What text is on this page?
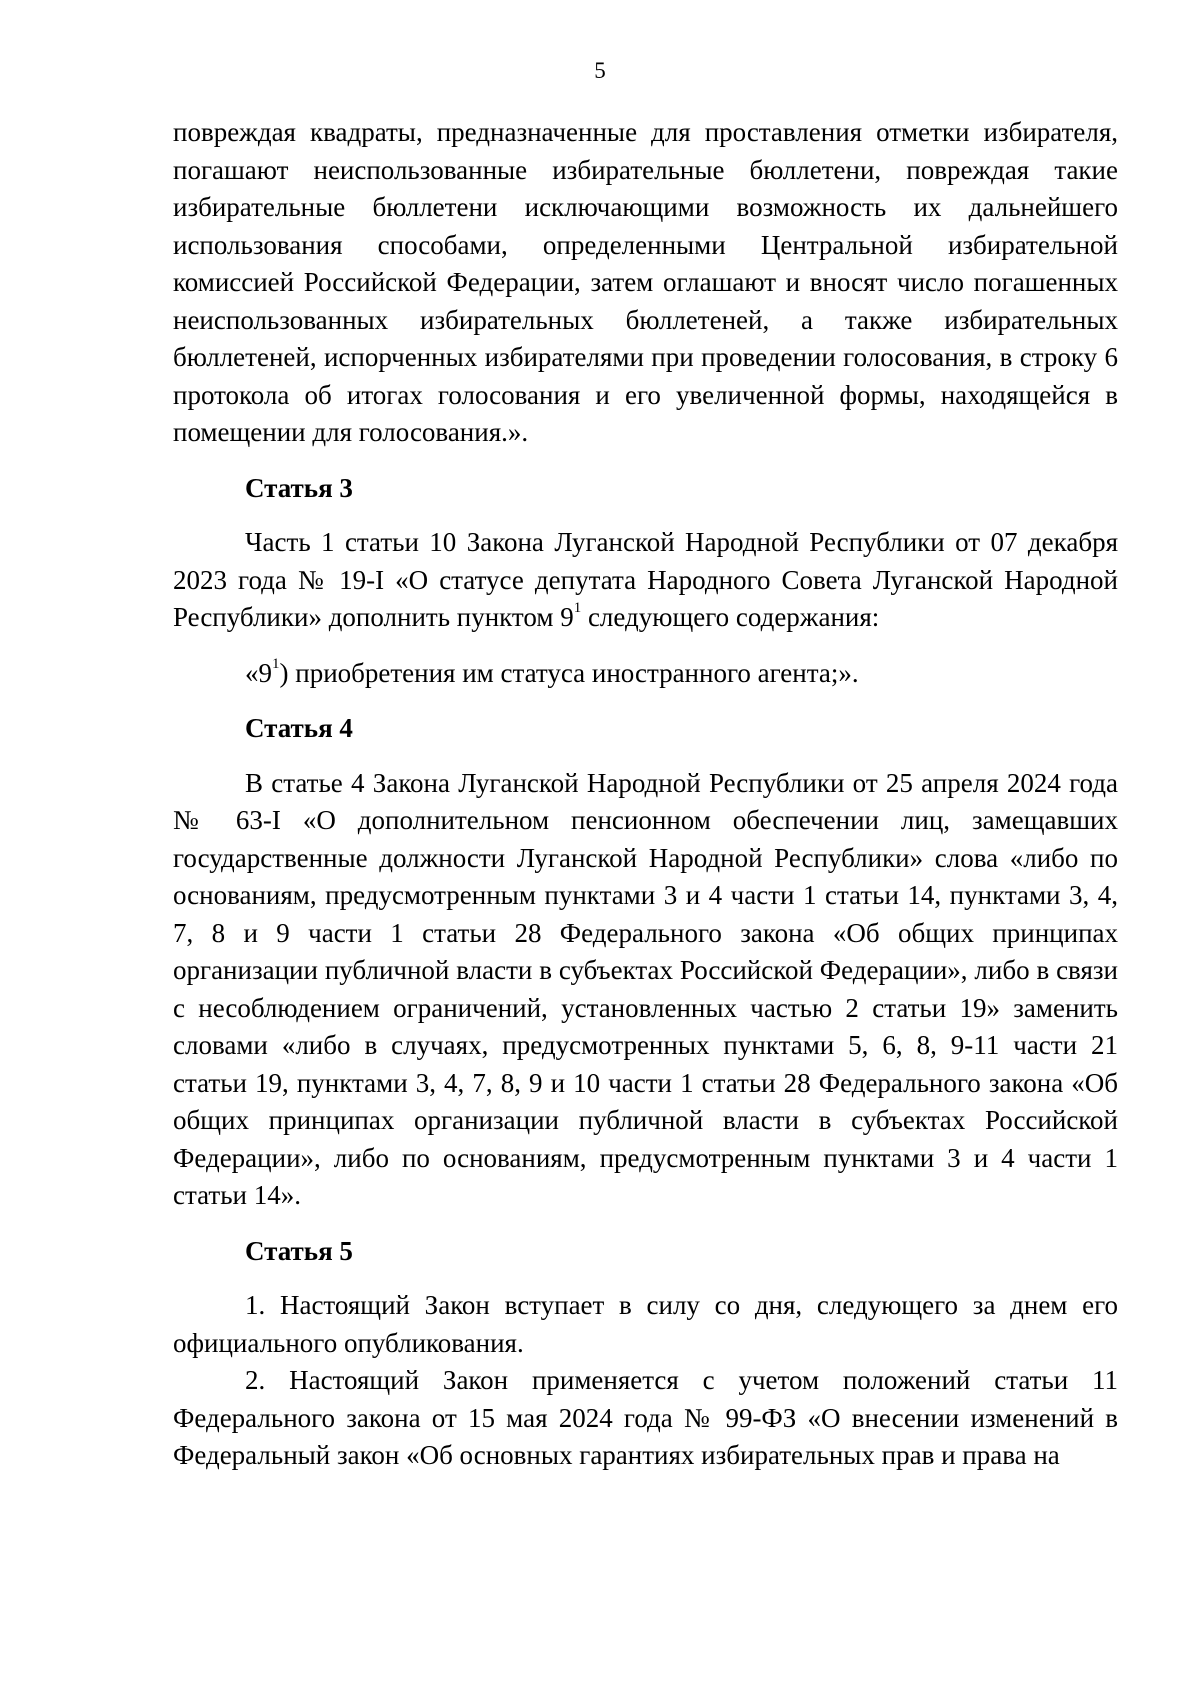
5

повреждая квадраты, предназначенные для проставления отметки избирателя, погашают неиспользованные избирательные бюллетени, повреждая такие избирательные бюллетени исключающими возможность их дальнейшего использования способами, определенными Центральной избирательной комиссией Российской Федерации, затем оглашают и вносят число погашенных неиспользованных избирательных бюллетеней, а также избирательных бюллетеней, испорченных избирателями при проведении голосования, в строку 6 протокола об итогах голосования и его увеличенной формы, находящейся в помещении для голосования.».

Статья 3

Часть 1 статьи 10 Закона Луганской Народной Республики от 07 декабря 2023 года № 19-I «О статусе депутата Народного Совета Луганской Народной Республики» дополнить пунктом $9^1$ следующего содержания:

«$9^1$) приобретения им статуса иностранного агента;».

Статья 4

В статье 4 Закона Луганской Народной Республики от 25 апреля 2024 года № 63-I «О дополнительном пенсионном обеспечении лиц, замещавших государственные должности Луганской Народной Республики» слова «либо по основаниям, предусмотренным пунктами 3 и 4 части 1 статьи 14, пунктами 3, 4, 7, 8 и 9 части 1 статьи 28 Федерального закона «Об общих принципах организации публичной власти в субъектах Российской Федерации», либо в связи с несоблюдением ограничений, установленных частью 2 статьи 19» заменить словами «либо в случаях, предусмотренных пунктами 5, 6, 8, 9-11 части 21 статьи 19, пунктами 3, 4, 7, 8, 9 и 10 части 1 статьи 28 Федерального закона «Об общих принципах организации публичной власти в субъектах Российской Федерации», либо по основаниям, предусмотренным пунктами 3 и 4 части 1 статьи 14».

Статья 5

1. Настоящий Закон вступает в силу со дня, следующего за днем его официального опубликования.

2. Настоящий Закон применяется с учетом положений статьи 11 Федерального закона от 15 мая 2024 года № 99-ФЗ «О внесении изменений в Федеральный закон «Об основных гарантиях избирательных прав и права на
